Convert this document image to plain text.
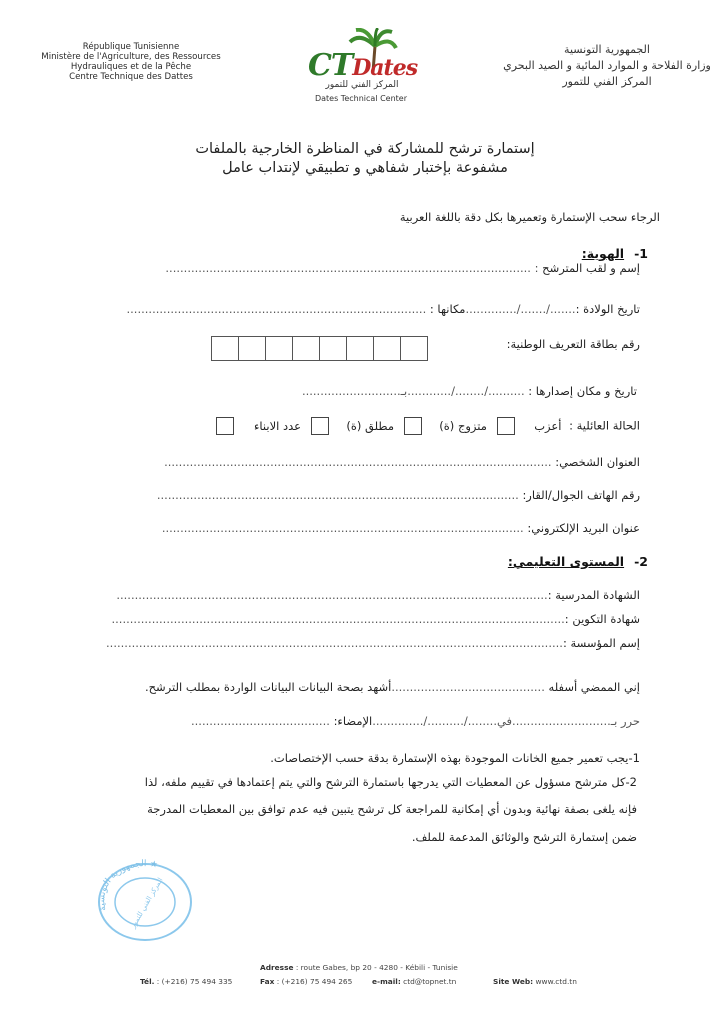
République Tunisienne
Ministère de l'Agriculture, des Ressources
Hydrauliques et de la Pêche
Centre Technique des Dattes	CTDates
المركز الفني للتمور
Dates Technical Center
الجمهورية التونسية
وزارة الفلاحة و الموارد المائية و الصيد البحري
المركز الفني للتمور
إستمارة ترشح للمشاركة في المناظرة الخارجية بالملفات
مشفوعة بإختبار شفاهي و تطبيقي لإنتداب عامل
الرجاء سحب الإستمارة وتعميرها بكل دقة باللغة العربية
1-الهوية:
إسم و لقب المترشح : ....................................................................................................
تاريخ الولادة :......./......./..............مكانها : ..................................................................................
رقم بطاقة التعريف الوطنية:
تاريخ و مكان إصدارها : ........../......../............بـ...........................
الحالة العائلية : أعزب  متزوج (ة)  مطلق (ة)  عدد الابناء
العنوان الشخصي: ..........................................................................................................
رقم الهاتف الجوال/القار: ...................................................................................................
عنوان البريد الإلكتروني: ...................................................................................................
2-المستوى التعليمي:
الشهادة المدرسية :......................................................................................................................
شهادة التكوين :............................................................................................................................
إسم المؤسسة :.............................................................................................................................
إني الممضي أسفله ..........................................أشهد بصحة البيانات البيانات الواردة بمطلب الترشح.
حرر بـ...........................في......../........../..............الإمضاء: ......................................
1-يجب تعمير جميع الخانات الموجودة بهذه الإستمارة بدقة حسب الإختصاصات.
2-كل مترشح مسؤول عن المعطيات التي يدرجها باستمارة الترشح والتي يتم إعتمادها في تقييم ملفه، لذا
فإنه يلغى بصفة نهائية وبدون أي إمكانية للمراجعة كل ترشح يتبين فيه عدم توافق بين المعطيات المدرجة
ضمن إستمارة الترشح والوثائق المدعمة للملف.
الجمهورية التونسية ★
المركز الفني للتمور
Adresse : route Gabes, bp 20 - 4280 - Kébili - Tunisie
Tél. : (+216) 75 494 335	Fax : (+216) 75 494 265	e-mail: ctd@topnet.tn	Site Web: www.ctd.tn
